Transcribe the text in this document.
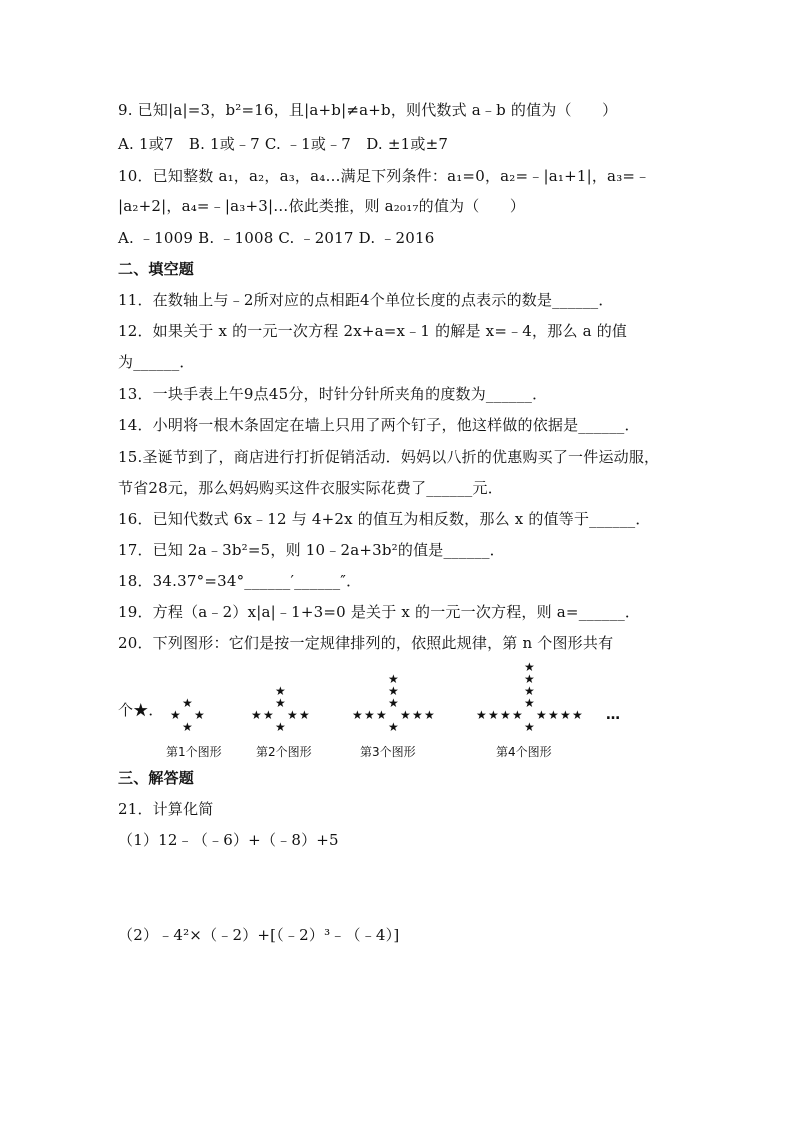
9. 已知|a|=3，b²=16，且|a+b|≠a+b，则代数式 a﹣b 的值为（　　）
A. 1或7　B. 1或﹣7 C. ﹣1或﹣7　D. ±1或±7
10．已知整数 a₁，a₂，a₃，a₄…满足下列条件：a₁=0，a₂=﹣|a₁+1|，a₃=﹣
|a₂+2|，a₄=﹣|a₃+3|…依此类推，则 a₂₀₁₇的值为（　　）
A. ﹣1009 B. ﹣1008 C. ﹣2017 D. ﹣2016
二、填空题
11．在数轴上与﹣2所对应的点相距4个单位长度的点表示的数是______．
12．如果关于 x 的一元一次方程 2x+a=x﹣1 的解是 x=﹣4，那么 a 的值
为______．
13．一块手表上午9点45分，时针分针所夹角的度数为______．
14．小明将一根木条固定在墙上只用了两个钉子，他这样做的依据是______．
15.圣诞节到了，商店进行打折促销活动．妈妈以八折的优惠购买了一件运动服，
节省28元，那么妈妈购买这件衣服实际花费了______元．
16．已知代数式 6x﹣12 与 4+2x 的值互为相反数，那么 x 的值等于______．
17．已知 2a﹣3b²=5，则 10﹣2a+3b²的值是______．
18．34.37°=34°______′______″．
19．方程（a﹣2）x|a|﹣1+3=0 是关于 x 的一元一次方程，则 a=______．
20．下列图形：它们是按一定规律排列的，依照此规律，第 n 个图形共有
个★．
第1个图形	第2个图形	第3个图形	第4个图形
…
★
★ ★
★
★
★
★
★ ★ ★
★
★
★
★
★
★
★	★ ★ ★
★
★
★
★
★
★
★
★
★	★ ★ ★ ★
★
三、解答题
21．计算化简
（1）12﹣（﹣6）+（﹣8）+5
（2）﹣4²×（﹣2）+[（﹣2）³﹣（﹣4）]
